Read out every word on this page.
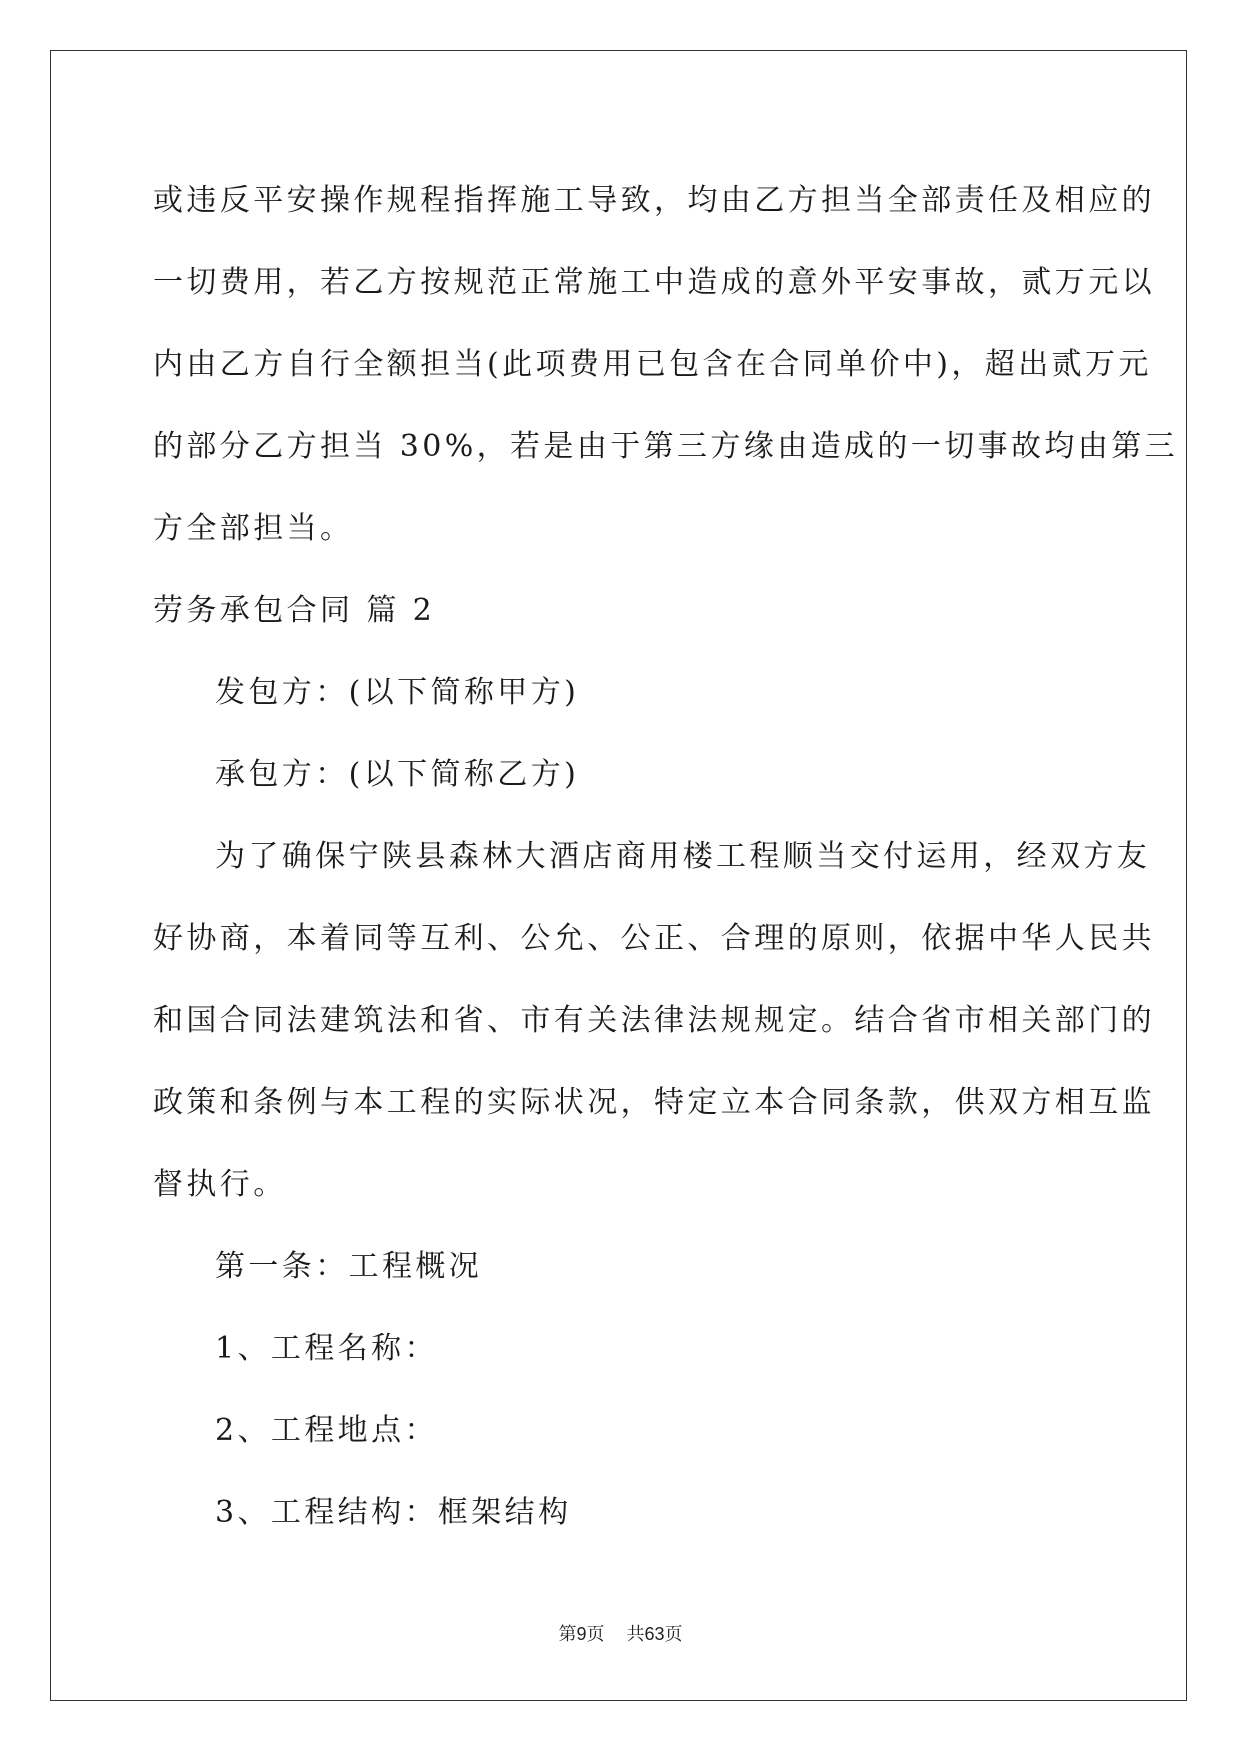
或违反平安操作规程指挥施工导致，均由乙方担当全部责任及相应的
一切费用，若乙方按规范正常施工中造成的意外平安事故，贰万元以
内由乙方自行全额担当(此项费用已包含在合同单价中)，超出贰万元
的部分乙方担当 30%，若是由于第三方缘由造成的一切事故均由第三
方全部担当。
劳务承包合同 篇 2
发包方：(以下简称甲方)
承包方：(以下简称乙方)
为了确保宁陕县森林大酒店商用楼工程顺当交付运用，经双方友
好协商，本着同等互利、公允、公正、合理的原则，依据中华人民共
和国合同法建筑法和省、市有关法律法规规定。结合省市相关部门的
政策和条例与本工程的实际状况，特定立本合同条款，供双方相互监
督执行。
第一条：工程概况
1、工程名称：
2、工程地点：
3、工程结构：框架结构
第9页 共63页
